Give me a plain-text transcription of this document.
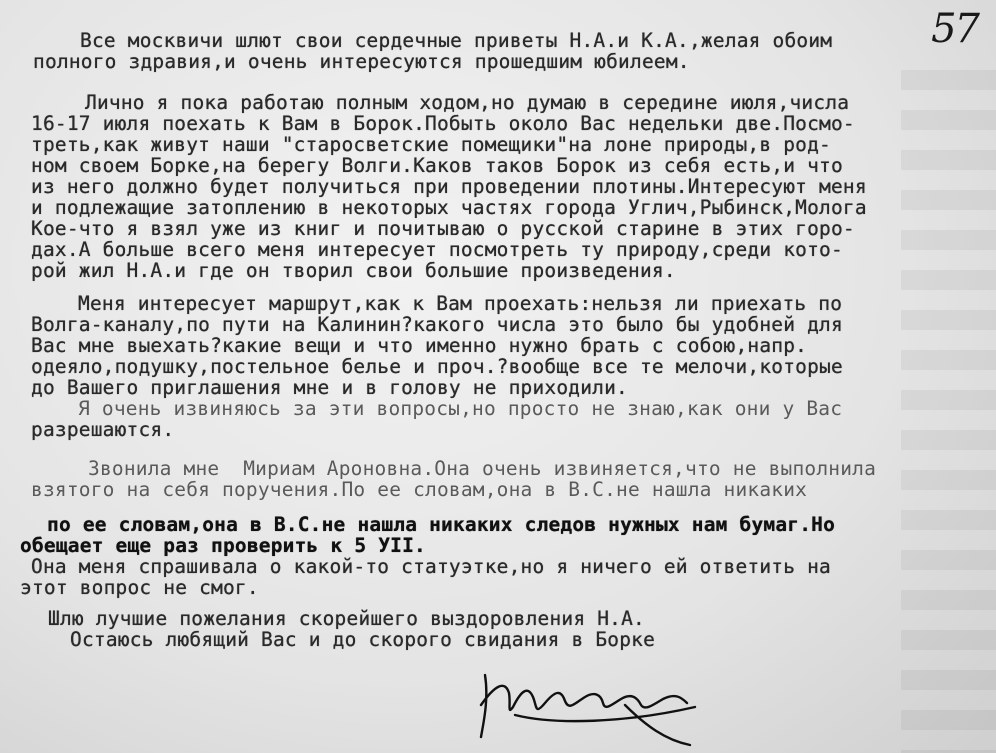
57
Все москвичи шлют свои сердечные приветы Н.А.и К.А.,желая обоим
полного здравия,и очень интересуются прошедшим юбилеем.
Лично я пока работаю полным ходом,но думаю в середине июля,числа
16-17 июля поехать к Вам в Борок.Побыть около Вас недельки две.Посмо-
треть,как живут наши "старосветские помещики"на лоне природы,в род-
ном своем Борке,на берегу Волги.Каков таков Борок из себя есть,и что
из него должно будет получиться при проведении плотины.Интересуют меня
и подлежащие затоплению в некоторых частях города Углич,Рыбинск,Молога
Кое-что я взял уже из книг и почитываю о русской старине в этих горо-
дах.А больше всего меня интересует посмотреть ту природу,среди кото-
рой жил Н.А.и где он творил свои большие произведения.
Меня интересует маршрут,как к Вам проехать:нельзя ли приехать по
Волга-каналу,по пути на Калинин?какого числа это было бы удобней для
Вас мне выехать?какие вещи и что именно нужно брать с собою,напр.
одеяло,подушку,постельное белье и проч.?вообще все те мелочи,которые
до Вашего приглашения мне и в голову не приходили.
Я очень извиняюсь за эти вопросы,но просто не знаю,как они у Вас
разрешаются.
Звонила мне  Мириам Ароновна.Она очень извиняется,что не выполнила
взятого на себя поручения.По ее словам,она в В.С.не нашла никаких
по ее словам,она в В.С.не нашла никаких следов нужных нам бумаг.Но
обещает еще раз проверить к 5 УII.
Она меня спрашивала о какой-то статуэтке,но я ничего ей ответить на
этот вопрос не смог.
Шлю лучшие пожелания скорейшего выздоровления Н.А.
Остаюсь любящий Вас и до скорого свидания в Борке
